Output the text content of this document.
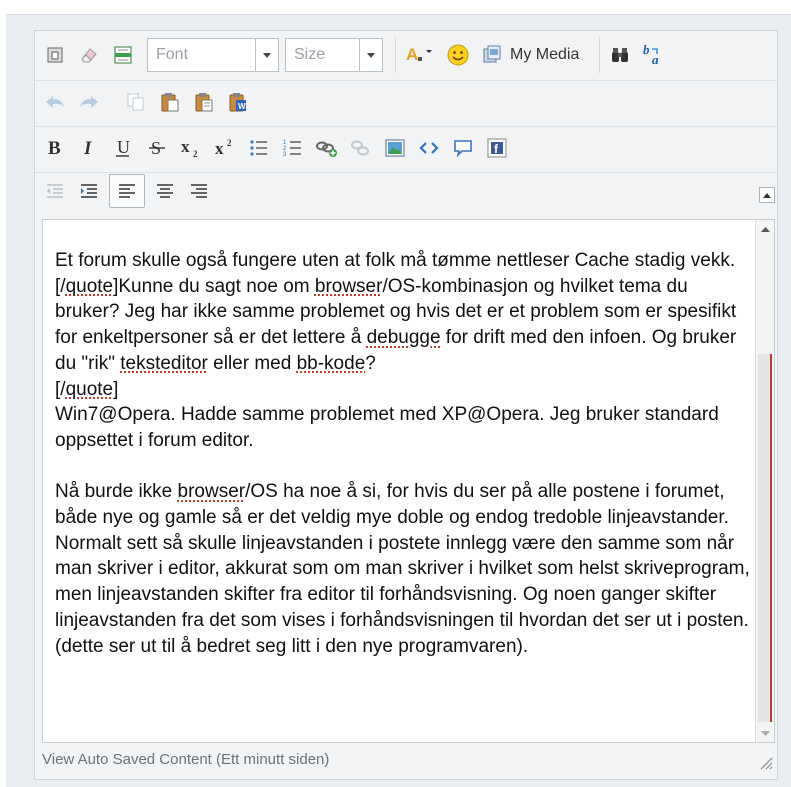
Font	Size	A	My Media	b
a
W
B I U S x 2 x 2	1
2
3	f

Et forum skulle også fungere uten at folk må tømme nettleser Cache stadig vekk.

[/quote]Kunne du sagt noe om browser/OS-kombinasjon og hvilket tema du bruker? Jeg har ikke samme problemet og hvis det er et problem som er spesifikt for enkeltpersoner så er det lettere å debugge for drift med den infoen. Og bruker du "rik" teksteditor eller med bb-kode?

[/quote]

Win7@Opera. Hadde samme problemet med XP@Opera. Jeg bruker standard oppsettet i forum editor.

Nå burde ikke browser/OS ha noe å si, for hvis du ser på alle postene i forumet, både nye og gamle så er det veldig mye doble og endog tredoble linjeavstander.

Normalt sett så skulle linjeavstanden i postete innlegg være den samme som når man skriver i editor, akkurat som om man skriver i hvilket som helst skriveprogram, men linjeavstanden skifter fra editor til forhåndsvisning. Og noen ganger skifter linjeavstanden fra det som vises i forhåndsvisningen til hvordan det ser ut i posten. (dette ser ut til å bedret seg litt i den nye programvaren).

View Auto Saved Content (Ett minutt siden)
